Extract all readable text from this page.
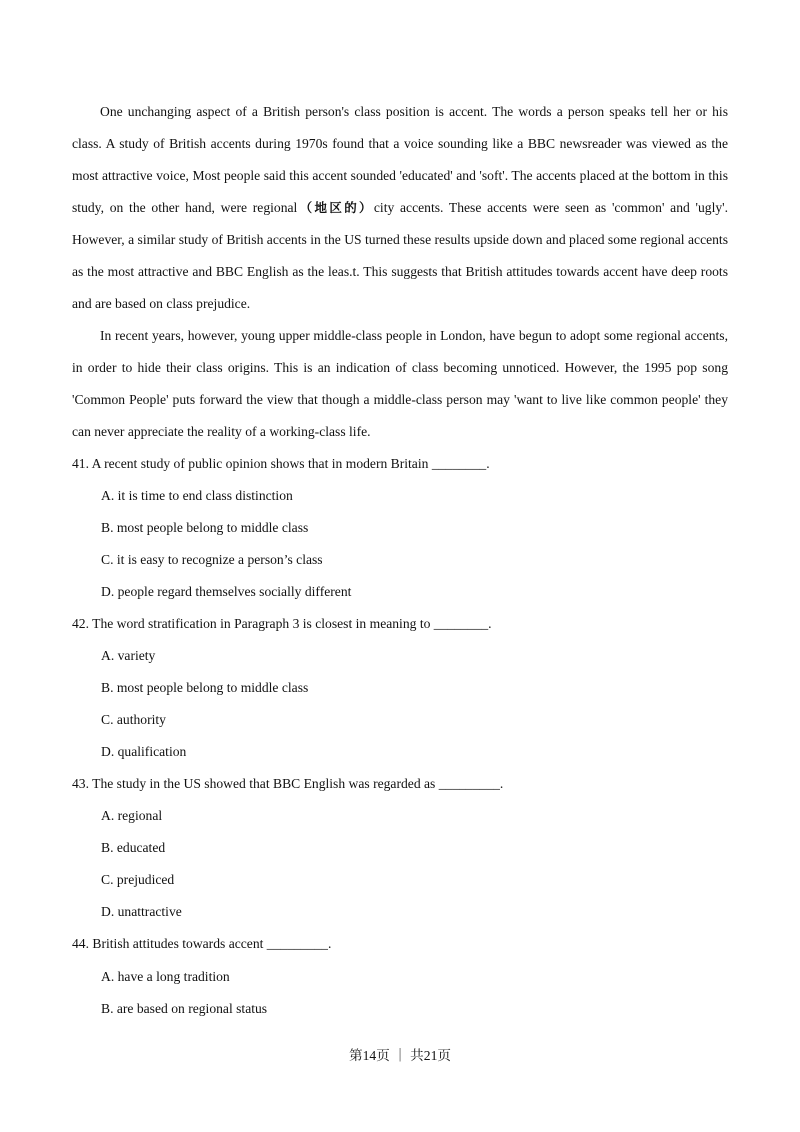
One unchanging aspect of a British person's class position is accent. The words a person speaks tell her or his class. A study of British accents during 1970s found that a voice sounding like a BBC newsreader was viewed as the most attractive voice, Most people said this accent sounded 'educated' and 'soft'. The accents placed at the bottom in this study, on the other hand, were regional（地区的）city accents. These accents were seen as 'common' and 'ugly'. However, a similar study of British accents in the US turned these results upside down and placed some regional accents as the most attractive and BBC English as the leas.t. This suggests that British attitudes towards accent have deep roots and are based on class prejudice.

In recent years, however, young upper middle-class people in London, have begun to adopt some regional accents, in order to hide their class origins. This is an indication of class becoming unnoticed. However, the 1995 pop song 'Common People' puts forward the view that though a middle-class person may 'want to live like common people' they can never appreciate the reality of a working-class life.

41. A recent study of public opinion shows that in modern Britain ________.
A. it is time to end class distinction
B. most people belong to middle class
C. it is easy to recognize a person’s class
D. people regard themselves socially different
42. The word stratification in Paragraph 3 is closest in meaning to ________.
A. variety
B. most people belong to middle class
C. authority
D. qualification
43. The study in the US showed that BBC English was regarded as _________.
A. regional
B. educated
C. prejudiced
D. unattractive
44. British attitudes towards accent _________.
A. have a long tradition
B. are based on regional status
第14页 ｜ 共21页
